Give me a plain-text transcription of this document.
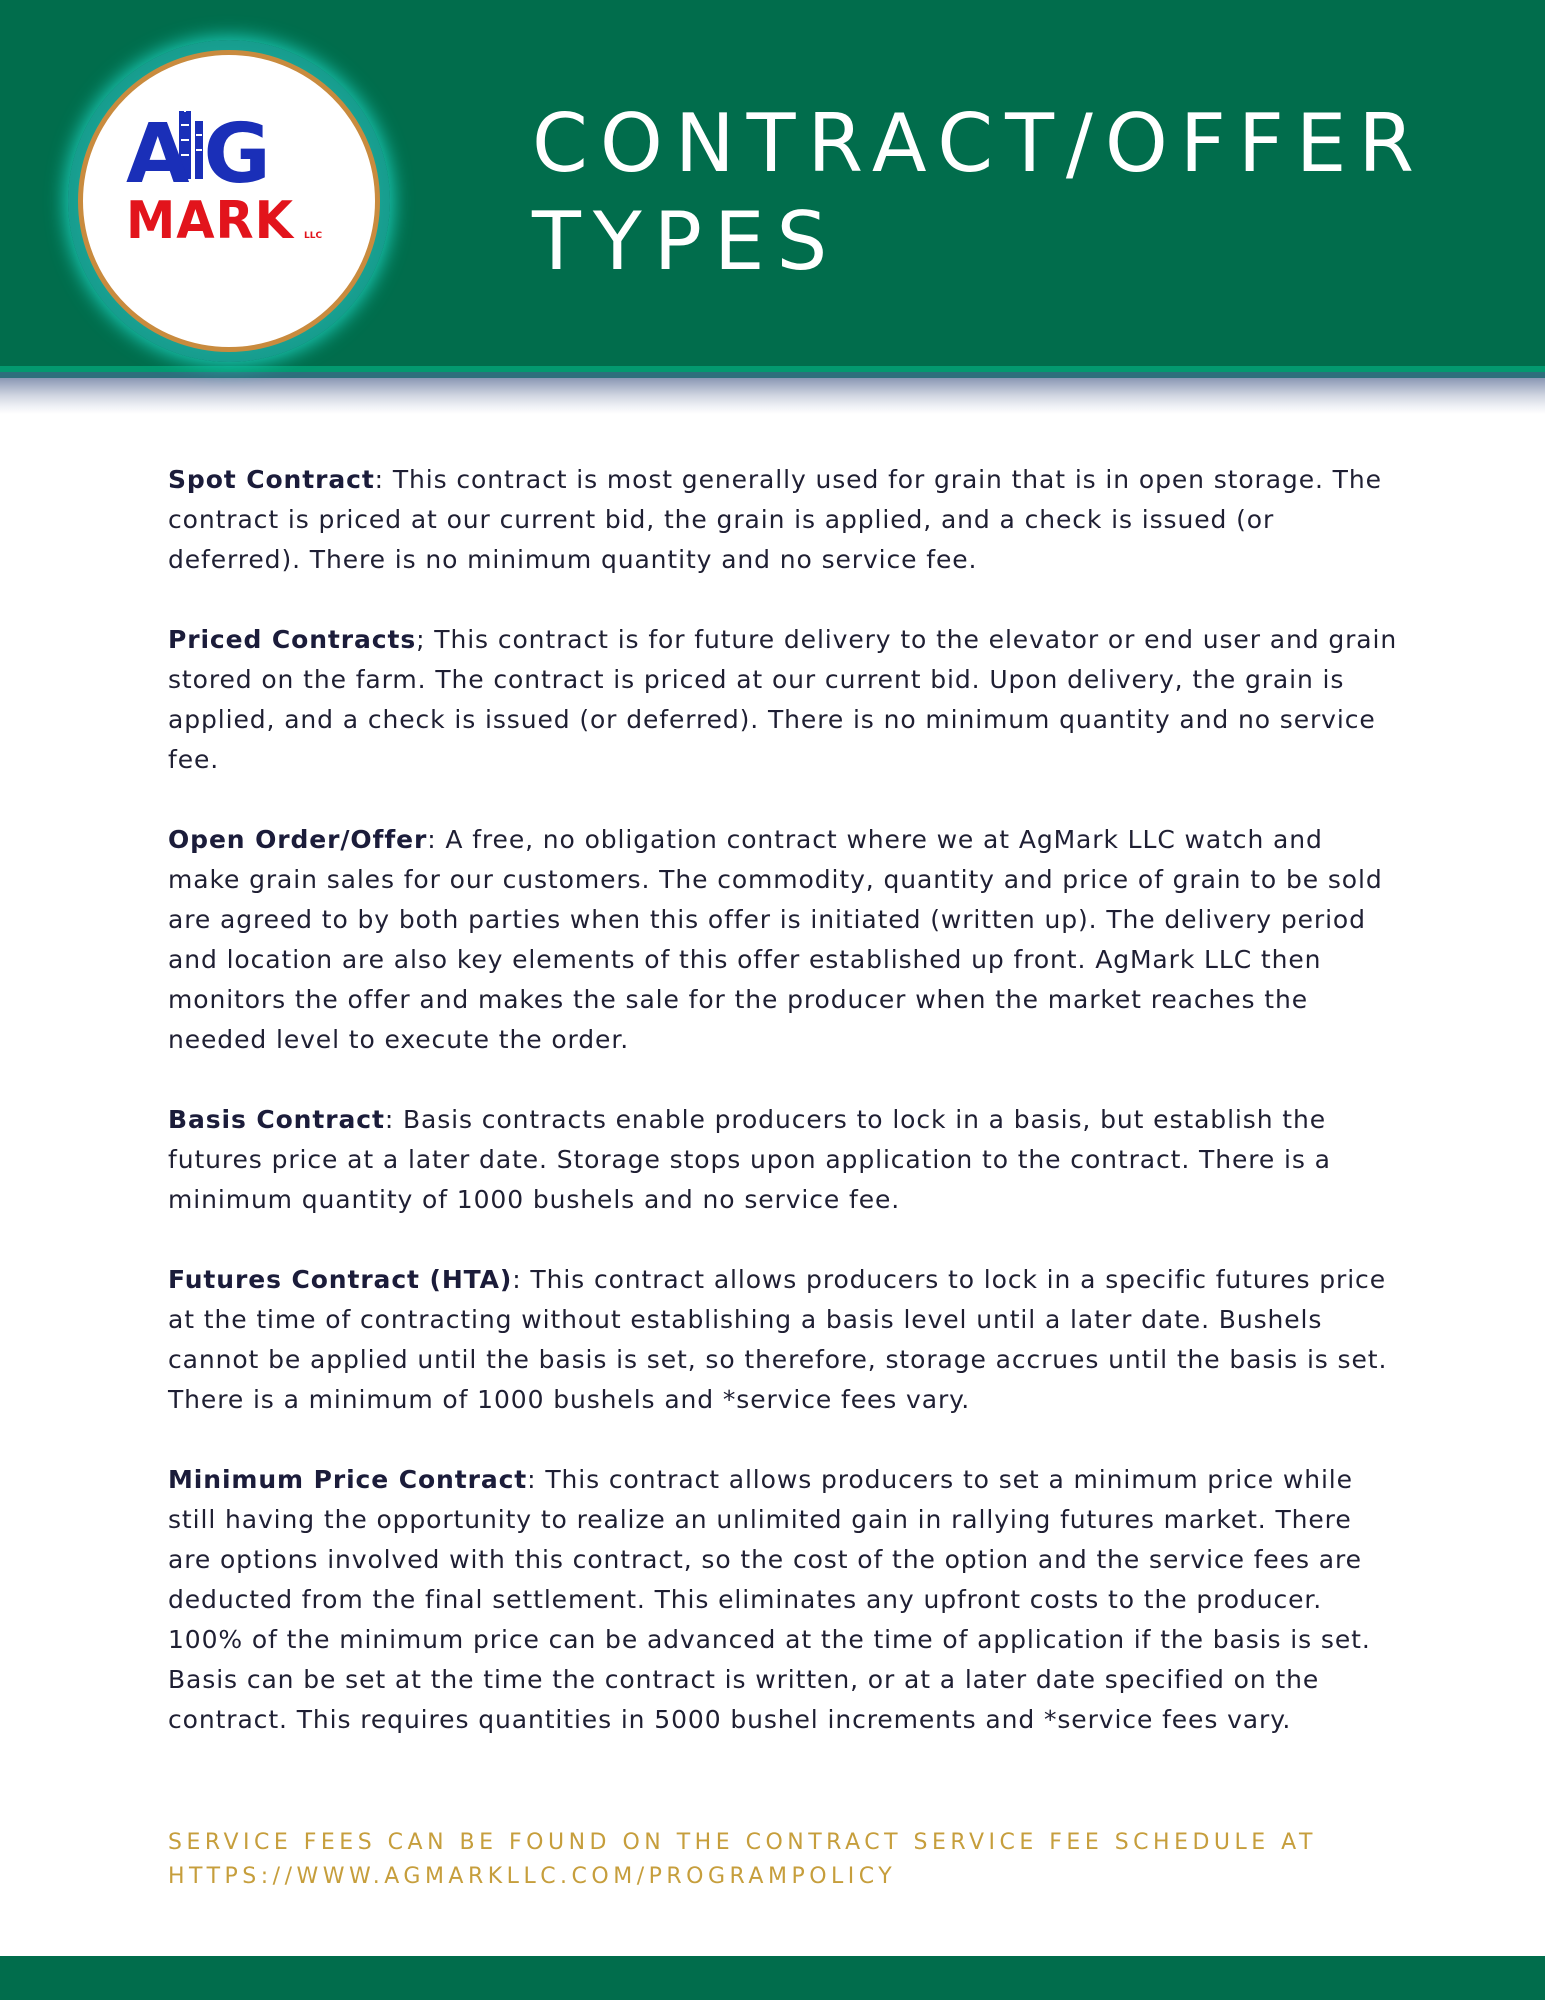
AG
MARK LLC
CONTRACT/OFFER
TYPES

Spot Contract: This contract is most generally used for grain that is in open storage. The contract is priced at our current bid, the grain is applied, and a check is issued (or deferred). There is no minimum quantity and no service fee.

Priced Contracts; This contract is for future delivery to the elevator or end user and grain stored on the farm. The contract is priced at our current bid. Upon delivery, the grain is applied, and a check is issued (or deferred). There is no minimum quantity and no service fee.

Open Order/Offer: A free, no obligation contract where we at AgMark LLC watch and make grain sales for our customers. The commodity, quantity and price of grain to be sold are agreed to by both parties when this offer is initiated (written up). The delivery period and location are also key elements of this offer established up front. AgMark LLC then monitors the offer and makes the sale for the producer when the market reaches the needed level to execute the order.

Basis Contract: Basis contracts enable producers to lock in a basis, but establish the futures price at a later date. Storage stops upon application to the contract. There is a minimum quantity of 1000 bushels and no service fee.

Futures Contract (HTA): This contract allows producers to lock in a specific futures price at the time of contracting without establishing a basis level until a later date. Bushels cannot be applied until the basis is set, so therefore, storage accrues until the basis is set. There is a minimum of 1000 bushels and *service fees vary.

Minimum Price Contract: This contract allows producers to set a minimum price while still having the opportunity to realize an unlimited gain in rallying futures market. There are options involved with this contract, so the cost of the option and the service fees are deducted from the final settlement. This eliminates any upfront costs to the producer. 100% of the minimum price can be advanced at the time of application if the basis is set. Basis can be set at the time the contract is written, or at a later date specified on the contract. This requires quantities in 5000 bushel increments and *service fees vary.

SERVICE FEES CAN BE FOUND ON THE CONTRACT SERVICE FEE SCHEDULE AT HTTPS://WWW.AGMARKLLC.COM/PROGRAMPOLICY
